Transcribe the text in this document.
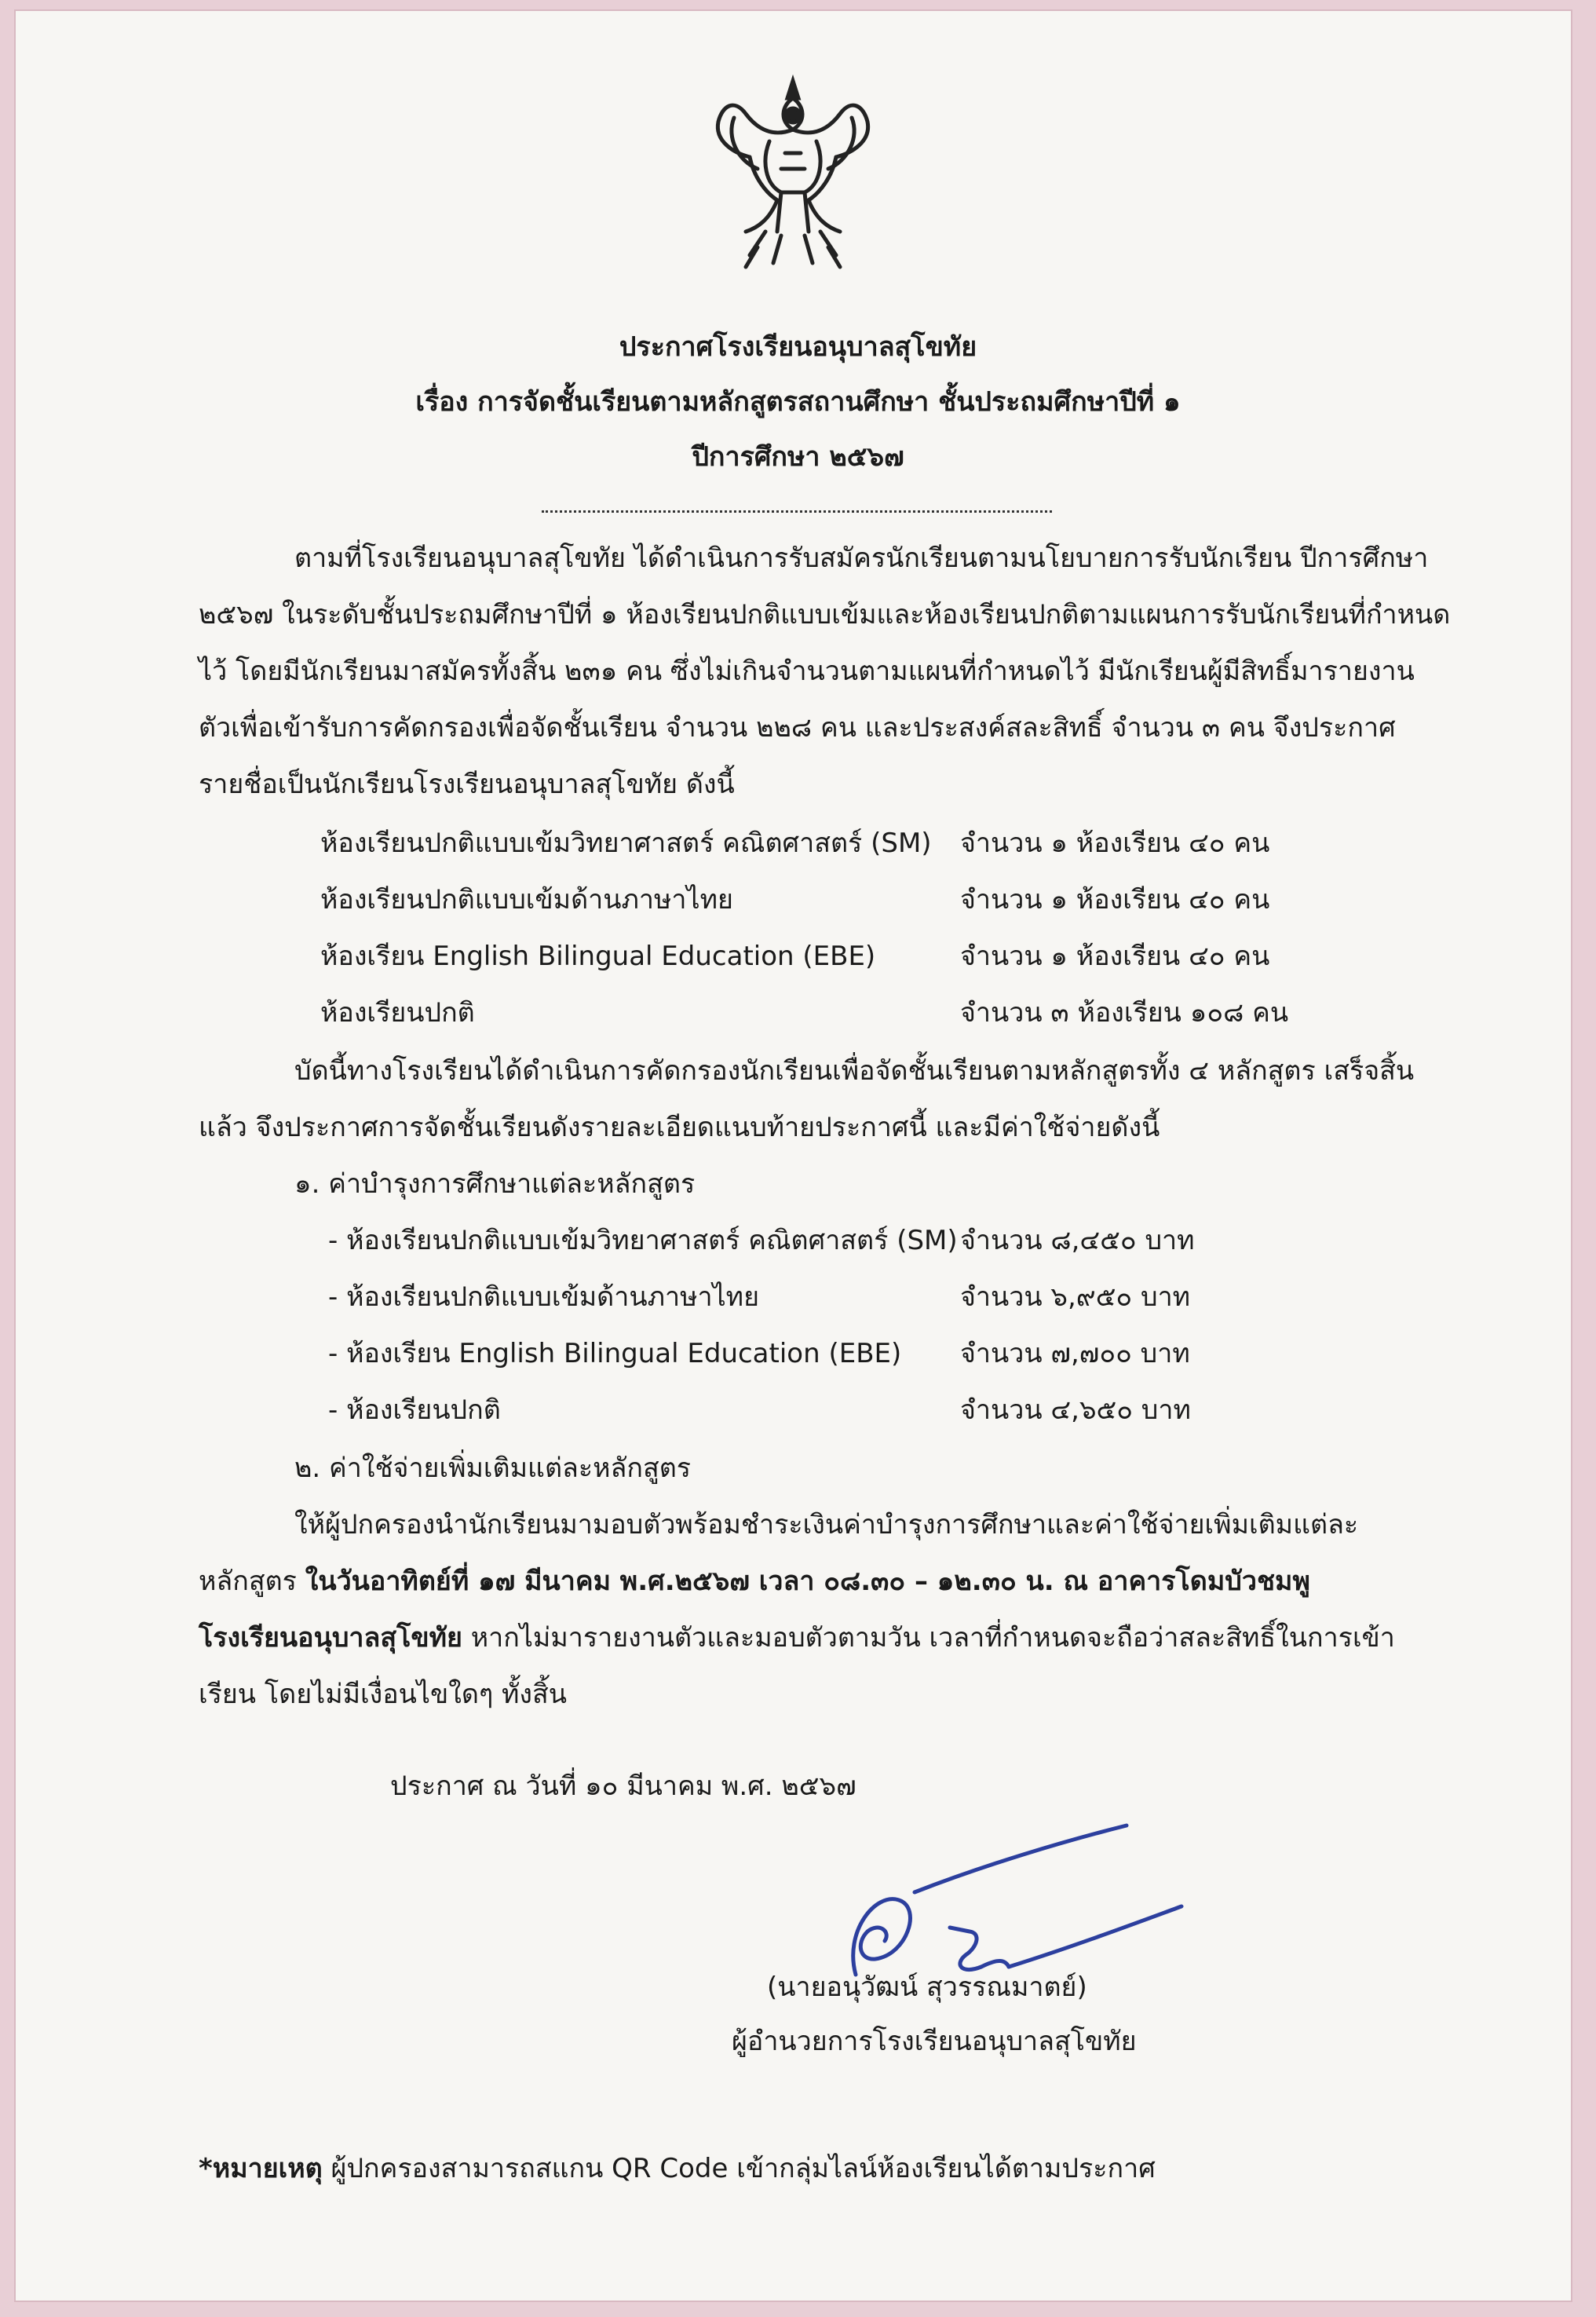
ประกาศโรงเรียนอนุบาลสุโขทัย
เรื่อง การจัดชั้นเรียนตามหลักสูตรสถานศึกษา ชั้นประถมศึกษาปีที่ ๑
ปีการศึกษา ๒๕๖๗
ตามที่โรงเรียนอนุบาลสุโขทัย ได้ดำเนินการรับสมัครนักเรียนตามนโยบายการรับนักเรียน ปีการศึกษา
๒๕๖๗ ในระดับชั้นประถมศึกษาปีที่ ๑ ห้องเรียนปกติแบบเข้มและห้องเรียนปกติตามแผนการรับนักเรียนที่กำหนด
ไว้ โดยมีนักเรียนมาสมัครทั้งสิ้น ๒๓๑ คน ซึ่งไม่เกินจำนวนตามแผนที่กำหนดไว้ มีนักเรียนผู้มีสิทธิ์มารายงาน
ตัวเพื่อเข้ารับการคัดกรองเพื่อจัดชั้นเรียน จำนวน ๒๒๘ คน และประสงค์สละสิทธิ์ จำนวน ๓ คน จึงประกาศ
รายชื่อเป็นนักเรียนโรงเรียนอนุบาลสุโขทัย ดังนี้
ห้องเรียนปกติแบบเข้มวิทยาศาสตร์ คณิตศาสตร์ (SM) จำนวน ๑ ห้องเรียน ๔๐ คน
ห้องเรียนปกติแบบเข้มด้านภาษาไทย	จำนวน ๑ ห้องเรียน ๔๐ คน
ห้องเรียน English Bilingual Education (EBE)	จำนวน ๑ ห้องเรียน ๔๐ คน
ห้องเรียนปกติ	จำนวน ๓ ห้องเรียน ๑๐๘ คน
บัดนี้ทางโรงเรียนได้ดำเนินการคัดกรองนักเรียนเพื่อจัดชั้นเรียนตามหลักสูตรทั้ง ๔ หลักสูตร เสร็จสิ้น
แล้ว จึงประกาศการจัดชั้นเรียนดังรายละเอียดแนบท้ายประกาศนี้ และมีค่าใช้จ่ายดังนี้
๑. ค่าบำรุงการศึกษาแต่ละหลักสูตร
- ห้องเรียนปกติแบบเข้มวิทยาศาสตร์ คณิตศาสตร์ (SM) จำนวน ๘,๔๕๐ บาท
- ห้องเรียนปกติแบบเข้มด้านภาษาไทย	จำนวน ๖,๙๕๐ บาท
- ห้องเรียน English Bilingual Education (EBE) จำนวน ๗,๗๐๐ บาท
- ห้องเรียนปกติ	จำนวน ๔,๖๕๐ บาท
๒. ค่าใช้จ่ายเพิ่มเติมแต่ละหลักสูตร
ให้ผู้ปกครองนำนักเรียนมามอบตัวพร้อมชำระเงินค่าบำรุงการศึกษาและค่าใช้จ่ายเพิ่มเติมแต่ละ
หลักสูตร ในวันอาทิตย์ที่ ๑๗ มีนาคม พ.ศ.๒๕๖๗ เวลา ๐๘.๓๐ – ๑๒.๓๐ น. ณ อาคารโดมบัวชมพู
โรงเรียนอนุบาลสุโขทัย หากไม่มารายงานตัวและมอบตัวตามวัน เวลาที่กำหนดจะถือว่าสละสิทธิ์ในการเข้า
เรียน โดยไม่มีเงื่อนไขใดๆ ทั้งสิ้น
ประกาศ ณ วันที่ ๑๐ มีนาคม พ.ศ. ๒๕๖๗
(นายอนุวัฒน์ สุวรรณมาตย์)
ผู้อำนวยการโรงเรียนอนุบาลสุโขทัย
*หมายเหตุ ผู้ปกครองสามารถสแกน QR Code เข้ากลุ่มไลน์ห้องเรียนได้ตามประกาศ
